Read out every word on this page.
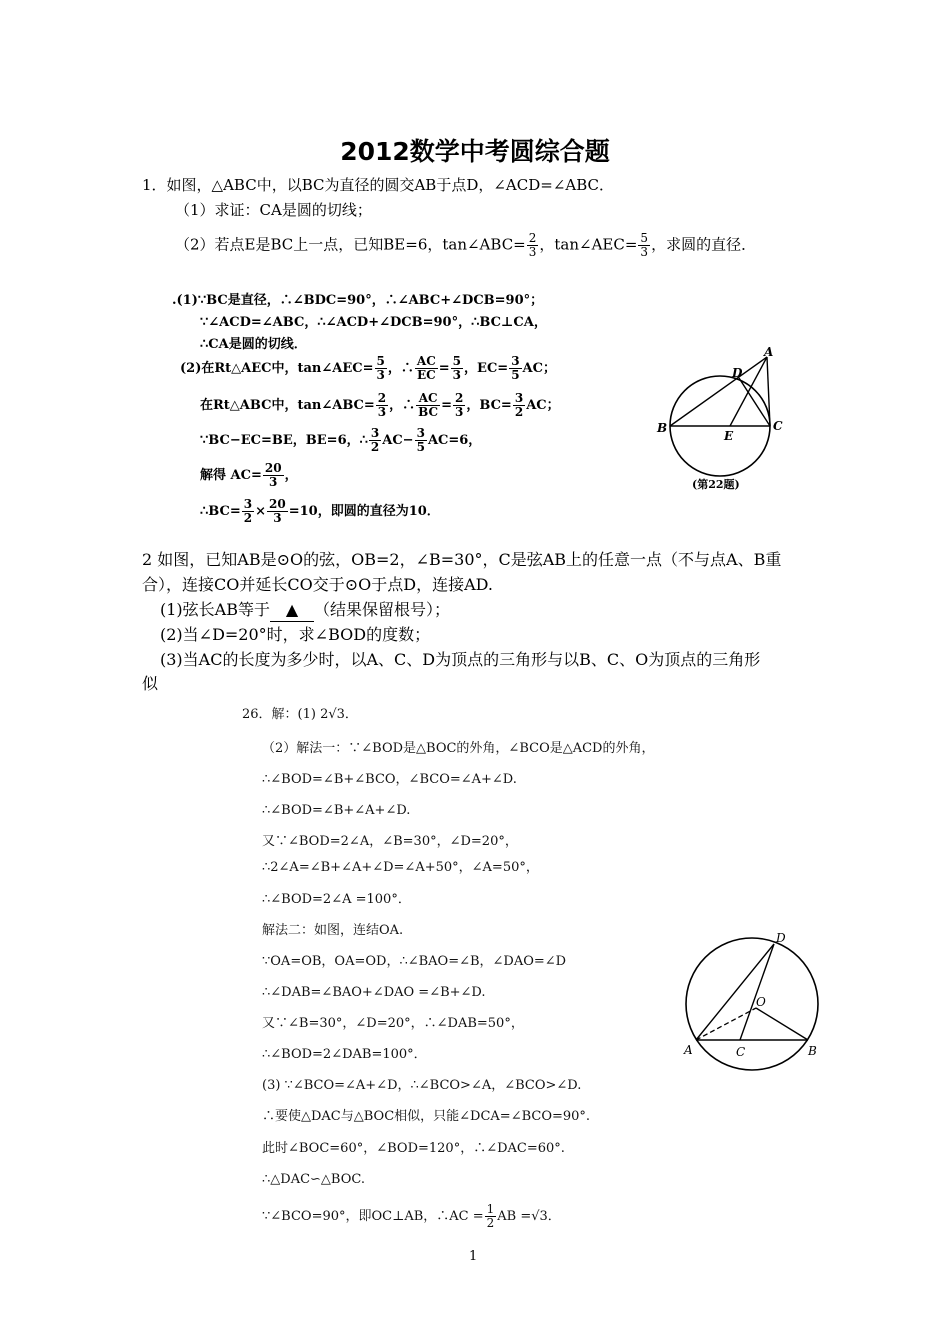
2012数学中考圆综合题
1．如图，△ABC中，以BC为直径的圆交AB于点D，∠ACD=∠ABC．
（1）求证：CA是圆的切线；
（2）若点E是BC上一点，已知BE=6，tan∠ABC= $\frac{2}{3}$ ，tan∠AEC= $\frac{5}{3}$ ，求圆的直径．
.(1)∵BC是直径，∴∠BDC=90°，∴∠ABC+∠DCB=90°；
∵∠ACD=∠ABC，∴∠ACD+∠DCB=90°，∴BC⊥CA，
∴CA是圆的切线．
(2)在Rt△AEC中，tan∠AEC= $\frac{5}{3}$ ，∴ $\frac{AC}{EC} = \frac{5}{3}$ ，$EC= \frac{3}{5}$ AC；
在Rt△ABC中，tan∠ABC= $\frac{2}{3}$ ，∴ $\frac{AC}{BC} = \frac{2}{3}$ ，$BC= \frac{3}{2}$ AC；
∵BC−EC=BE，BE=6，∴ $\frac{3}{2} AC- \frac{3}{5} AC=6$，
解得 $AC= \frac{20}{3}$ ，
∴BC= $\frac{3}{2} \times \frac{20}{3} =10$，即圆的直径为10．
A
B	C
D
E
(第22题)
2 如图，已知AB是⊙O的弦，OB=2，∠B=30°，C是弦AB上的任意一点（不与点A、B重
合），连接CO并延长CO交于⊙O于点D，连接AD.
(1)弦长AB等于 ▲ （结果保留根号）；
(2)当∠D=20°时，求∠BOD的度数；
(3)当AC的长度为多少时，以A、C、D为顶点的三角形与以B、C、O为顶点的三角形
似
26．解：(1) 2√3．
（2）解法一：∵∠BOD是△BOC的外角，∠BCO是△ACD的外角，
∴∠BOD=∠B+∠BCO，∠BCO=∠A+∠D.
∴∠BOD=∠B+∠A+∠D.
又∵∠BOD=2∠A，∠B=30°，∠D=20°，
∴2∠A=∠B+∠A+∠D=∠A+50°，∠A=50°，
∴∠BOD=2∠A =100°．
解法二：如图，连结OA.
∵OA=OB，OA=OD，∴∠BAO=∠B，∠DAO=∠D
∴∠DAB=∠BAO+∠DAO =∠B+∠D.
又∵∠B=30°，∠D=20°，∴∠DAB=50°，
∴∠BOD=2∠DAB=100°．
(3) ∵∠BCO=∠A+∠D，∴∠BCO>∠A，∠BCO>∠D.
∴要使△DAC与△BOC相似，只能∠DCA=∠BCO=90°.
此时∠BOC=60°，∠BOD=120°，∴∠DAC=60°.
∴△DAC∽△BOC.
∵∠BCO=90°，即OC⊥AB，∴AC = $\frac{1}{2}$ AB =√3．
A	B
C
D
O
1
